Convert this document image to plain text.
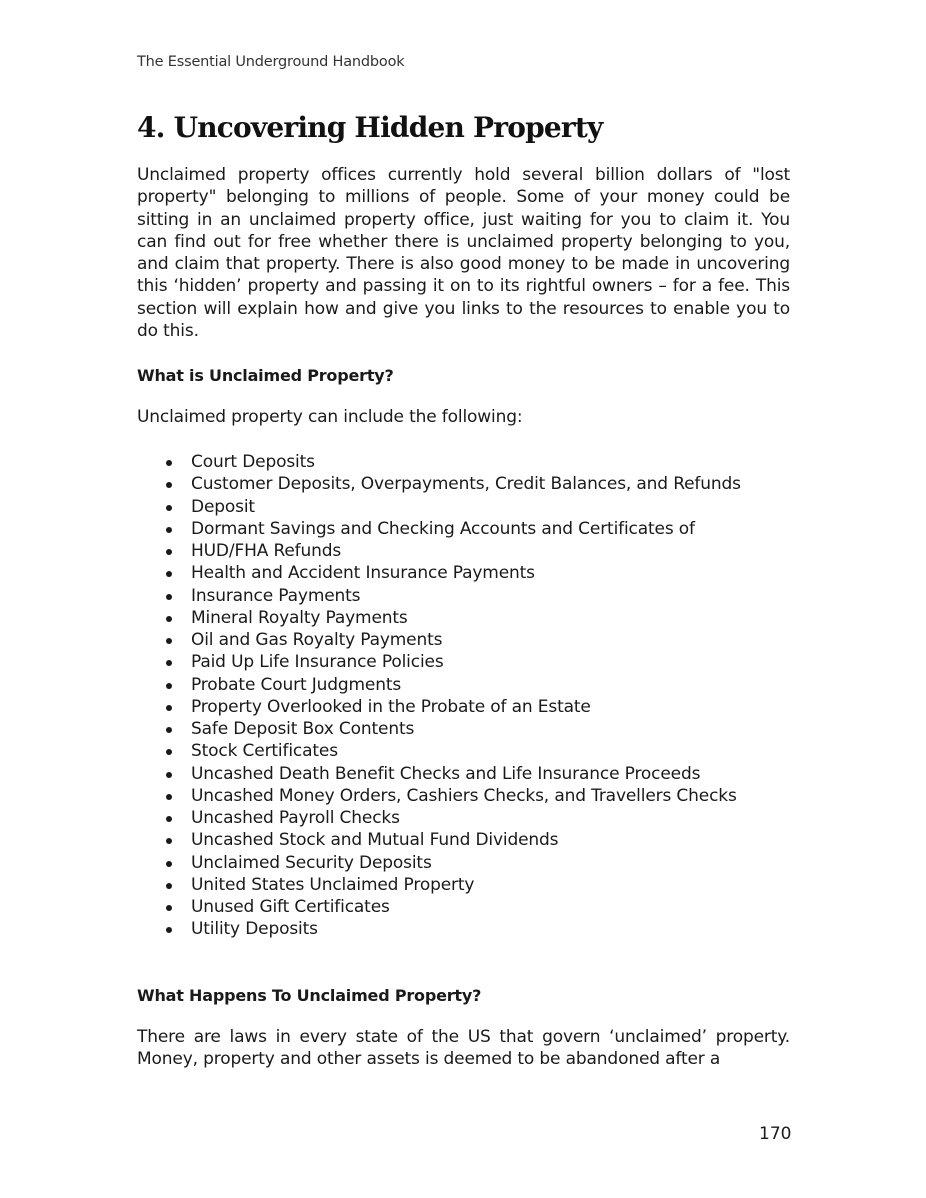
The Essential Underground Handbook
4. Uncovering Hidden Property

Unclaimed property offices currently hold several billion dollars of "lost property" belonging to millions of people. Some of your money could be sitting in an unclaimed property office, just waiting for you to claim it. You can find out for free whether there is unclaimed property belonging to you, and claim that property. There is also good money to be made in uncovering this ‘hidden’ property and passing it on to its rightful owners – for a fee. This section will explain how and give you links to the resources to enable you to do this.

What is Unclaimed Property?

Unclaimed property can include the following:

Court Deposits
Customer Deposits, Overpayments, Credit Balances, and Refunds
Deposit
Dormant Savings and Checking Accounts and Certificates of
HUD/FHA Refunds
Health and Accident Insurance Payments
Insurance Payments
Mineral Royalty Payments
Oil and Gas Royalty Payments
Paid Up Life Insurance Policies
Probate Court Judgments
Property Overlooked in the Probate of an Estate
Safe Deposit Box Contents
Stock Certificates
Uncashed Death Benefit Checks and Life Insurance Proceeds
Uncashed Money Orders, Cashiers Checks, and Travellers Checks
Uncashed Payroll Checks
Uncashed Stock and Mutual Fund Dividends
Unclaimed Security Deposits
United States Unclaimed Property
Unused Gift Certificates
Utility Deposits
What Happens To Unclaimed Property?

There are laws in every state of the US that govern ‘unclaimed’ property. Money, property and other assets is deemed to be abandoned after a

170
